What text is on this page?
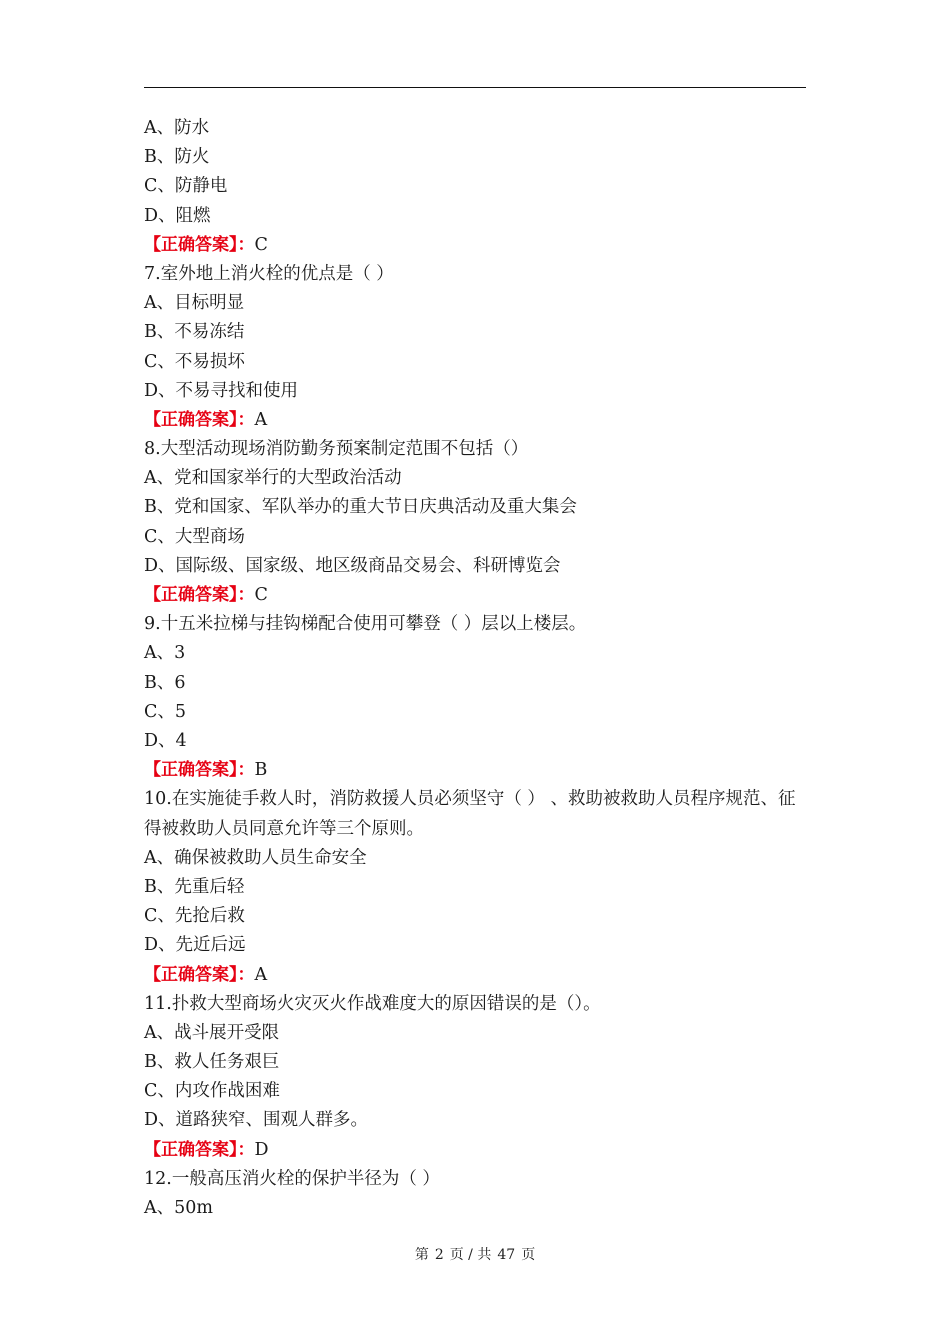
A、防水
B、防火
C、防静电
D、阻燃
【正确答案】：C
7.室外地上消火栓的优点是（ ）
A、目标明显
B、不易冻结
C、不易损坏
D、不易寻找和使用
【正确答案】：A
8.大型活动现场消防勤务预案制定范围不包括（）
A、党和国家举行的大型政治活动
B、党和国家、军队举办的重大节日庆典活动及重大集会
C、大型商场
D、国际级、国家级、地区级商品交易会、科研博览会
【正确答案】：C
9.十五米拉梯与挂钩梯配合使用可攀登（ ）层以上楼层。
A、3
B、6
C、5
D、4
【正确答案】：B
10.在实施徒手救人时，消防救援人员必须坚守（ ） 、救助被救助人员程序规范、征得被救助人员同意允许等三个原则。
A、确保被救助人员生命安全
B、先重后轻
C、先抢后救
D、先近后远
【正确答案】：A
11.扑救大型商场火灾灭火作战难度大的原因错误的是（）。
A、战斗展开受限
B、救人任务艰巨
C、内攻作战困难
D、道路狭窄、围观人群多。
【正确答案】：D
12.一般高压消火栓的保护半径为（ ）
A、50m
第 2 页 / 共 47 页
